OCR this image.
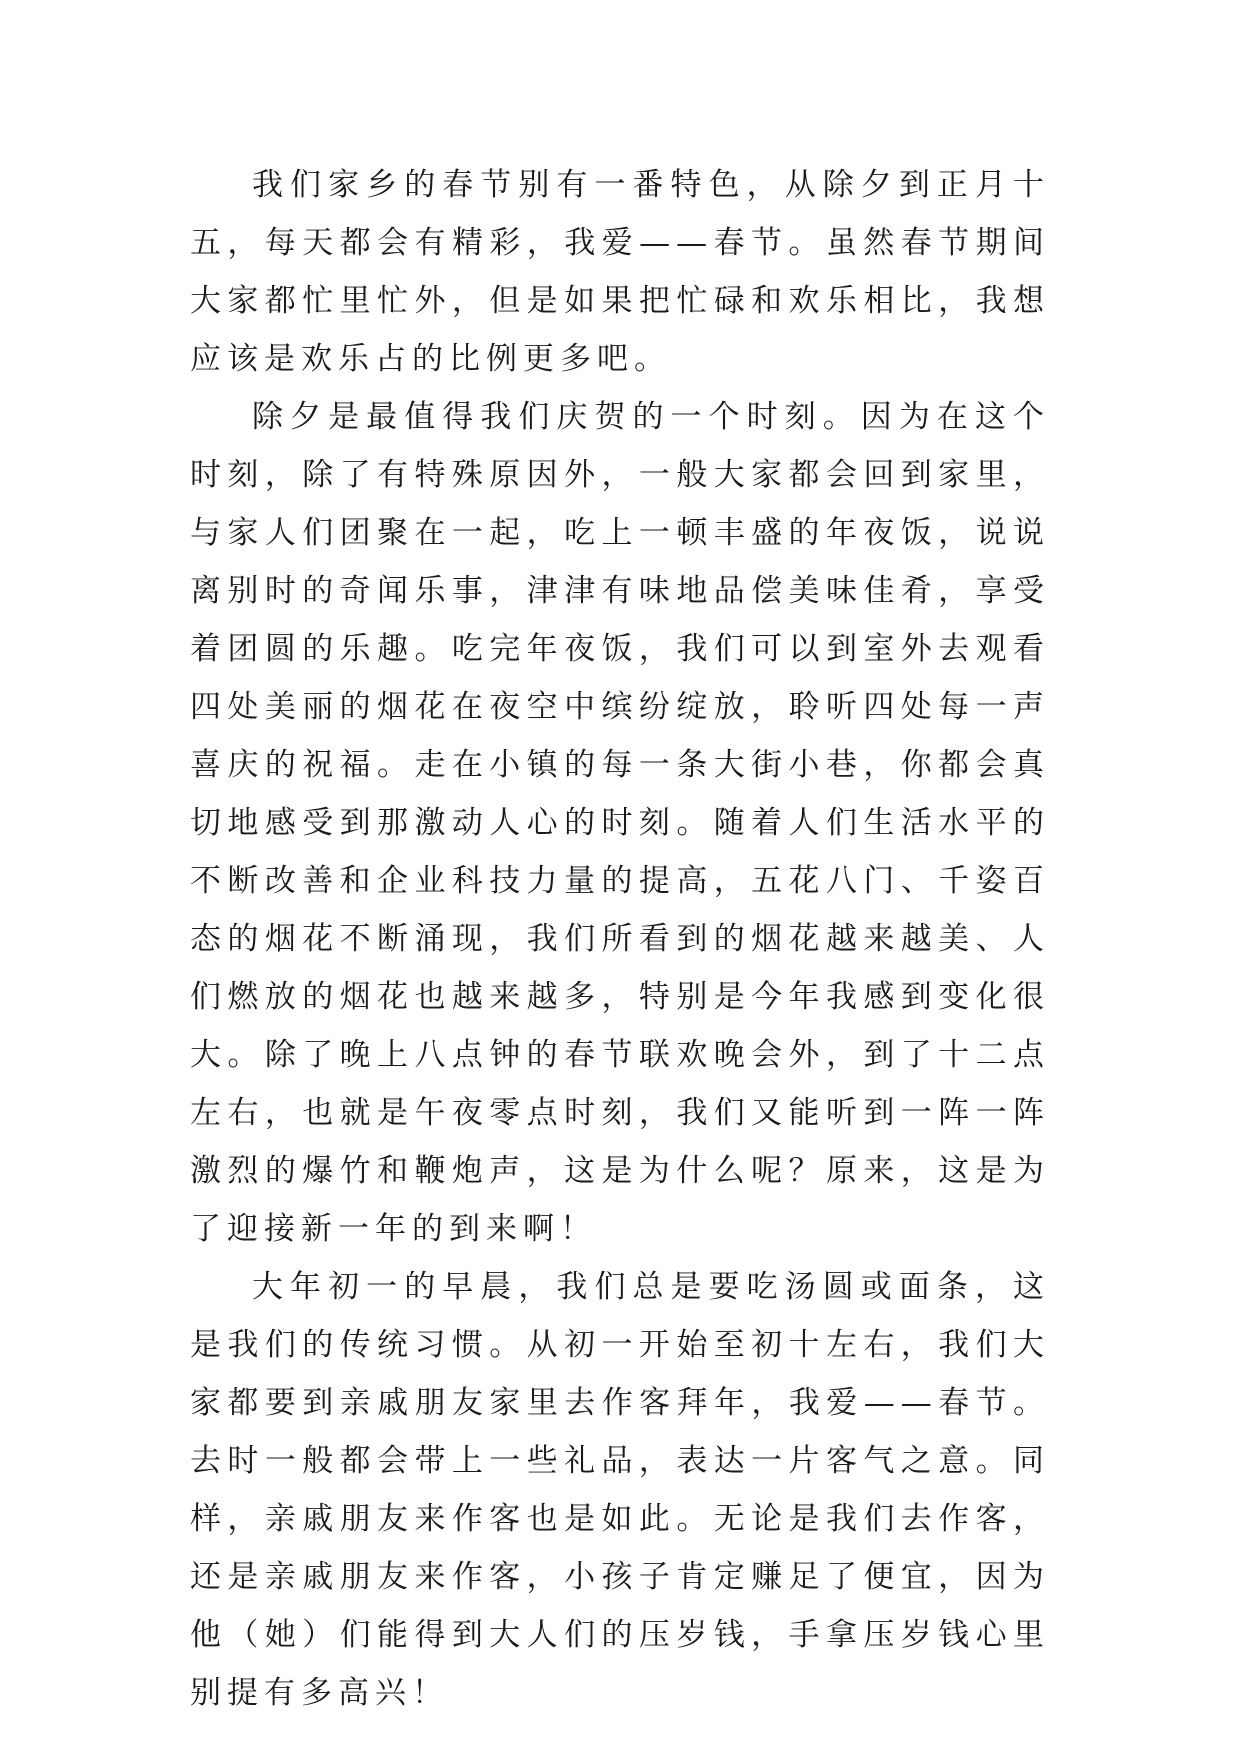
我们家乡的春节别有一番特色，从除夕到正月十五，每天都会有精彩，我爱——春节。虽然春节期间大家都忙里忙外，但是如果把忙碌和欢乐相比，我想应该是欢乐占的比例更多吧。

除夕是最值得我们庆贺的一个时刻。因为在这个时刻，除了有特殊原因外，一般大家都会回到家里，与家人们团聚在一起，吃上一顿丰盛的年夜饭，说说离别时的奇闻乐事，津津有味地品偿美味佳肴，享受着团圆的乐趣。吃完年夜饭，我们可以到室外去观看四处美丽的烟花在夜空中缤纷绽放，聆听四处每一声喜庆的祝福。走在小镇的每一条大街小巷，你都会真切地感受到那激动人心的时刻。随着人们生活水平的不断改善和企业科技力量的提高，五花八门、千姿百态的烟花不断涌现，我们所看到的烟花越来越美、人们燃放的烟花也越来越多，特别是今年我感到变化很大。除了晚上八点钟的春节联欢晚会外，到了十二点左右，也就是午夜零点时刻，我们又能听到一阵一阵激烈的爆竹和鞭炮声，这是为什么呢？原来，这是为了迎接新一年的到来啊！

大年初一的早晨，我们总是要吃汤圆或面条，这是我们的传统习惯。从初一开始至初十左右，我们大家都要到亲戚朋友家里去作客拜年，我爱——春节。去时一般都会带上一些礼品，表达一片客气之意。同样，亲戚朋友来作客也是如此。无论是我们去作客，还是亲戚朋友来作客，小孩子肯定赚足了便宜，因为他（她）们能得到大人们的压岁钱，手拿压岁钱心里别提有多高兴！
